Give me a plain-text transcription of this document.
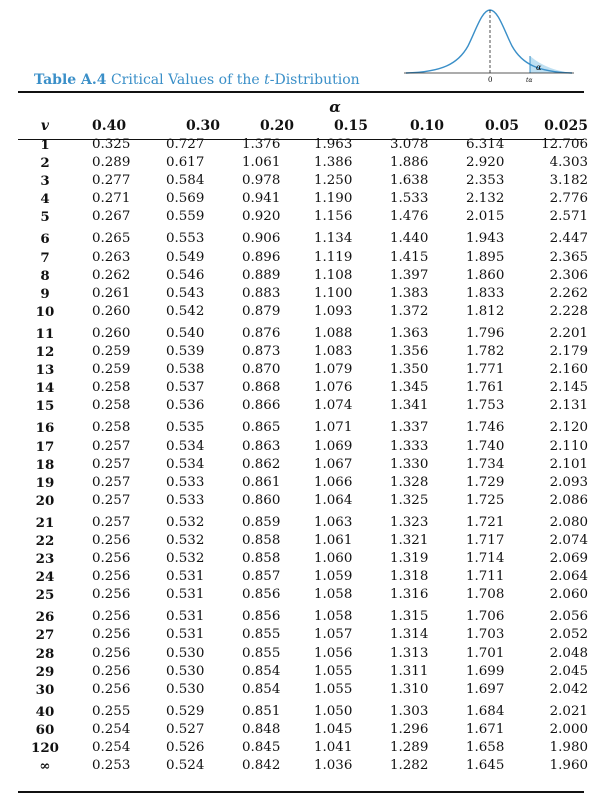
Table A.4 Critical Values of the t-Distribution	0
α
tα
α
v	0.40	0.30	0.20	0.15	0.10	0.05	0.025
1	0.325	0.727	1.376	1.963	3.078	6.314	12.706
2	0.289	0.617	1.061	1.386	1.886	2.920	4.303
3	0.277	0.584	0.978	1.250	1.638	2.353	3.182
4	0.271	0.569	0.941	1.190	1.533	2.132	2.776
5	0.267	0.559	0.920	1.156	1.476	2.015	2.571
6	0.265	0.553	0.906	1.134	1.440	1.943	2.447
7	0.263	0.549	0.896	1.119	1.415	1.895	2.365
8	0.262	0.546	0.889	1.108	1.397	1.860	2.306
9	0.261	0.543	0.883	1.100	1.383	1.833	2.262
10	0.260	0.542	0.879	1.093	1.372	1.812	2.228
11	0.260	0.540	0.876	1.088	1.363	1.796	2.201
12	0.259	0.539	0.873	1.083	1.356	1.782	2.179
13	0.259	0.538	0.870	1.079	1.350	1.771	2.160
14	0.258	0.537	0.868	1.076	1.345	1.761	2.145
15	0.258	0.536	0.866	1.074	1.341	1.753	2.131
16	0.258	0.535	0.865	1.071	1.337	1.746	2.120
17	0.257	0.534	0.863	1.069	1.333	1.740	2.110
18	0.257	0.534	0.862	1.067	1.330	1.734	2.101
19	0.257	0.533	0.861	1.066	1.328	1.729	2.093
20	0.257	0.533	0.860	1.064	1.325	1.725	2.086
21	0.257	0.532	0.859	1.063	1.323	1.721	2.080
22	0.256	0.532	0.858	1.061	1.321	1.717	2.074
23	0.256	0.532	0.858	1.060	1.319	1.714	2.069
24	0.256	0.531	0.857	1.059	1.318	1.711	2.064
25	0.256	0.531	0.856	1.058	1.316	1.708	2.060
26	0.256	0.531	0.856	1.058	1.315	1.706	2.056
27	0.256	0.531	0.855	1.057	1.314	1.703	2.052
28	0.256	0.530	0.855	1.056	1.313	1.701	2.048
29	0.256	0.530	0.854	1.055	1.311	1.699	2.045
30	0.256	0.530	0.854	1.055	1.310	1.697	2.042
40	0.255	0.529	0.851	1.050	1.303	1.684	2.021
60	0.254	0.527	0.848	1.045	1.296	1.671	2.000
120	0.254	0.526	0.845	1.041	1.289	1.658	1.980
∞	0.253	0.524	0.842	1.036	1.282	1.645	1.960
